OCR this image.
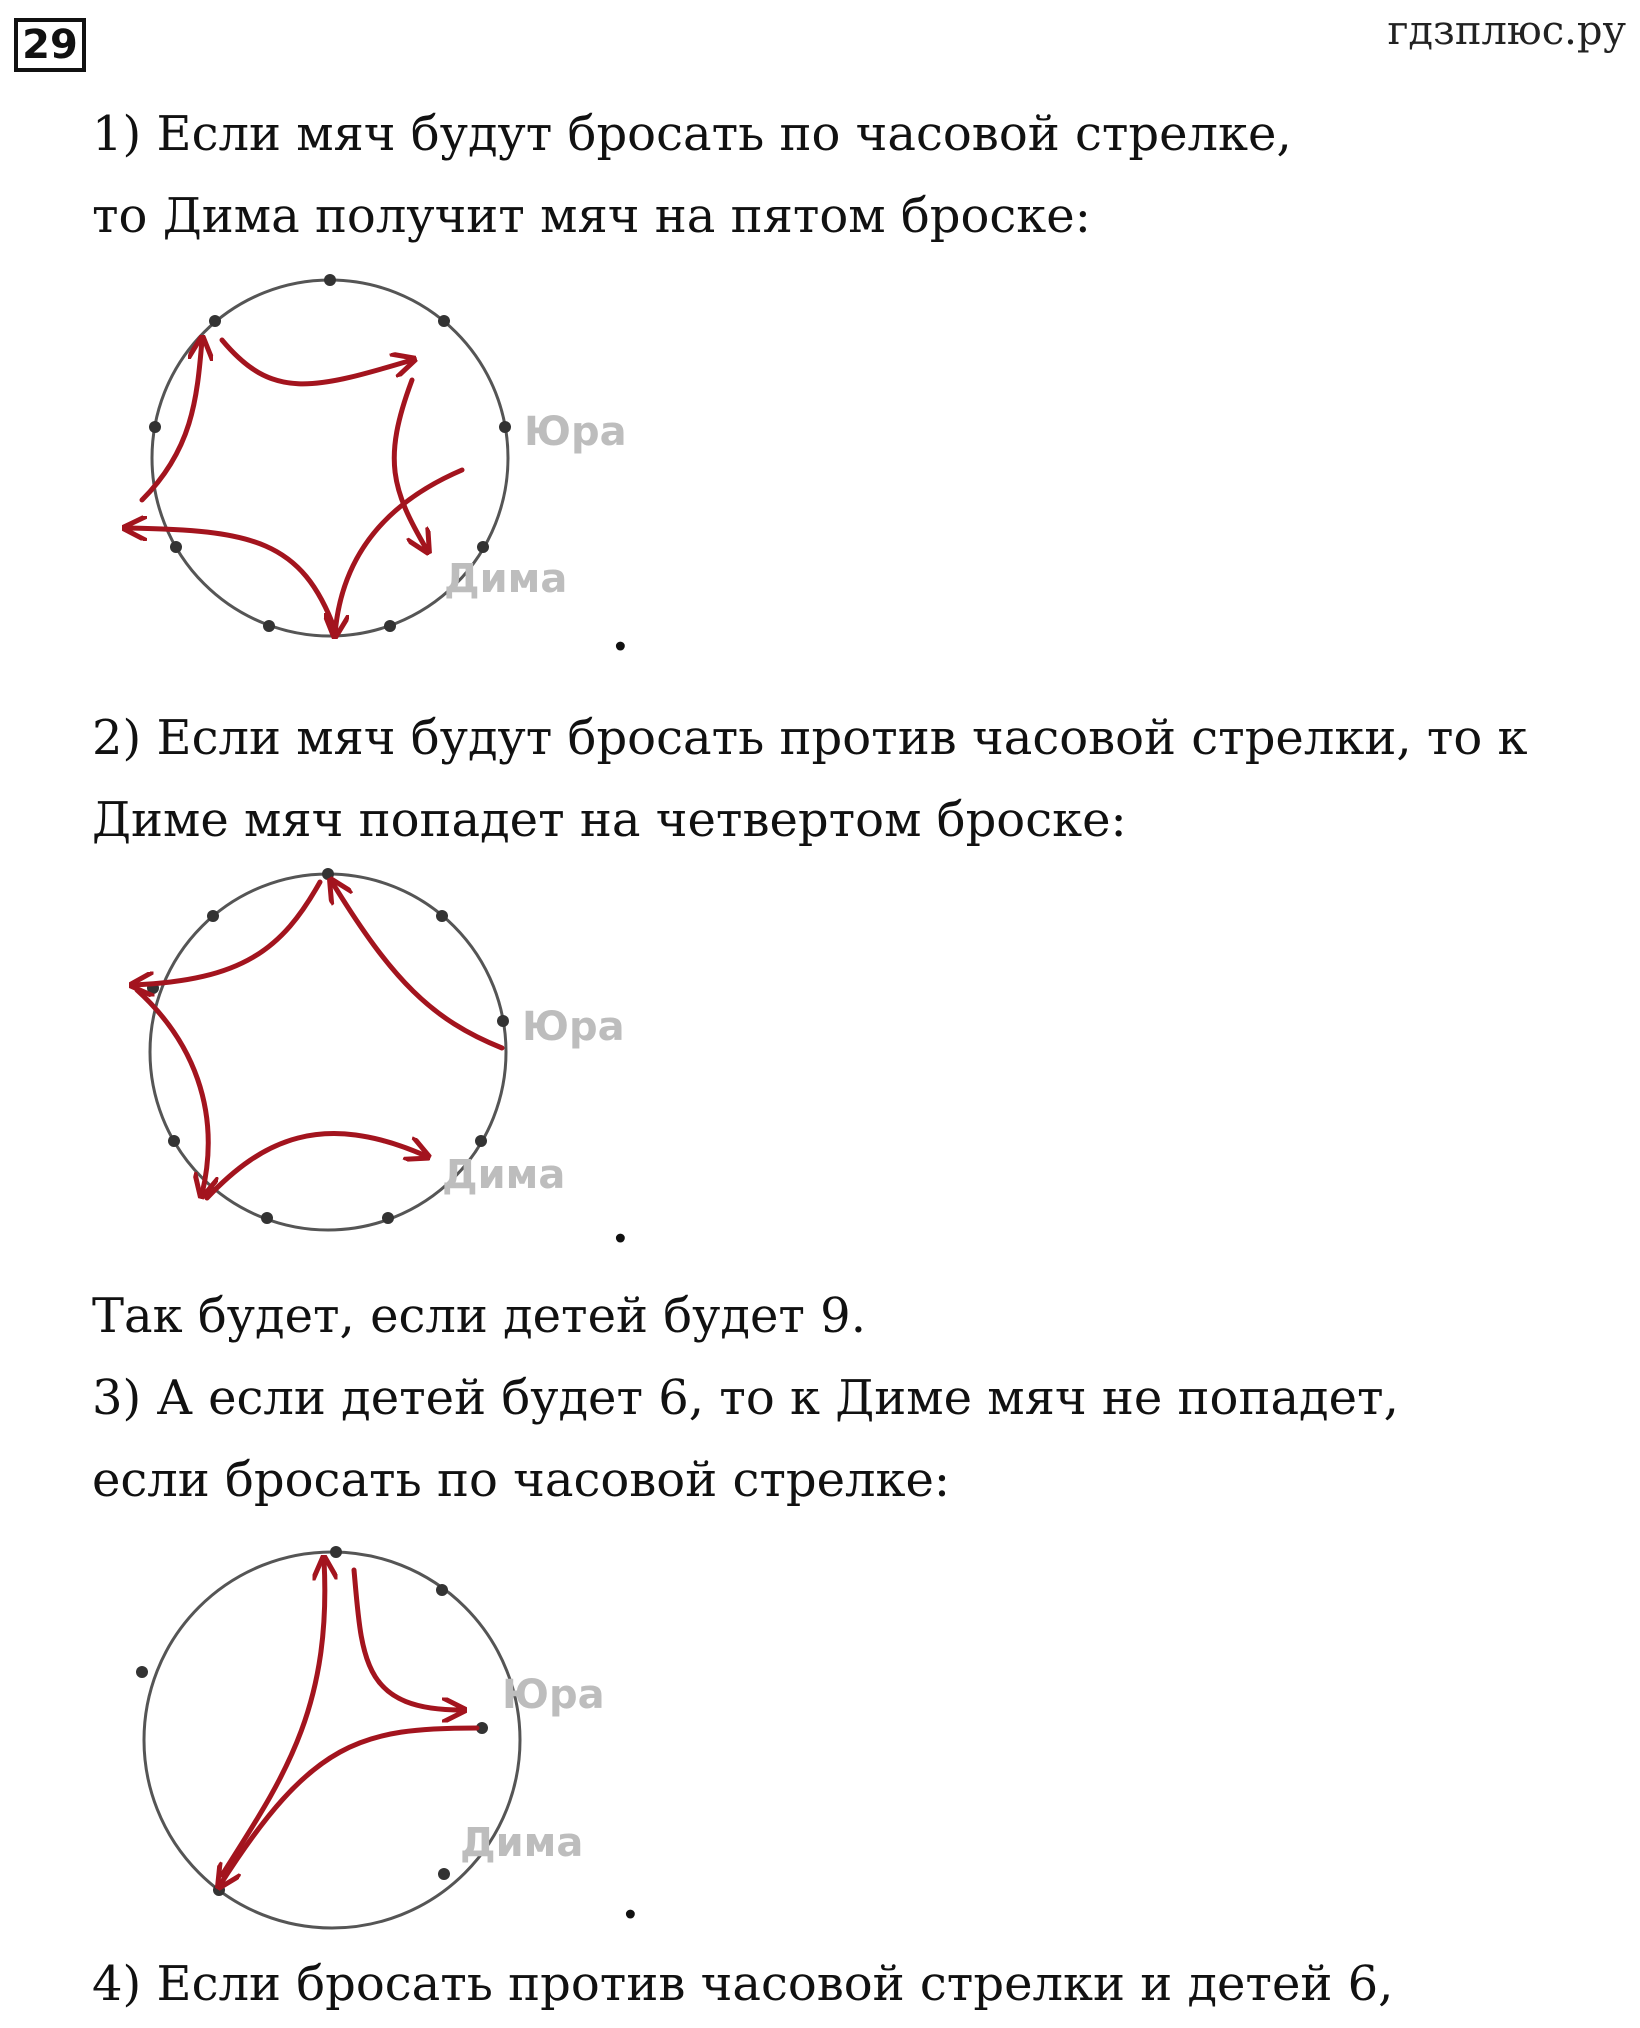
29	гдзплюс.ру
1) Если мяч будут бросать по часовой стрелке,
то Дима получит мяч на пятом броске:
Юра
Дима
.
2) Если мяч будут бросать против часовой стрелки, то к
Диме мяч попадет на четвертом броске:
Юра
Дима
.
Так будет, если детей будет 9.
3) А если детей будет 6, то к Диме мяч не попадет,
если бросать по часовой стрелке:
Юра
Дима
.
4) Если бросать против часовой стрелки и детей 6,
